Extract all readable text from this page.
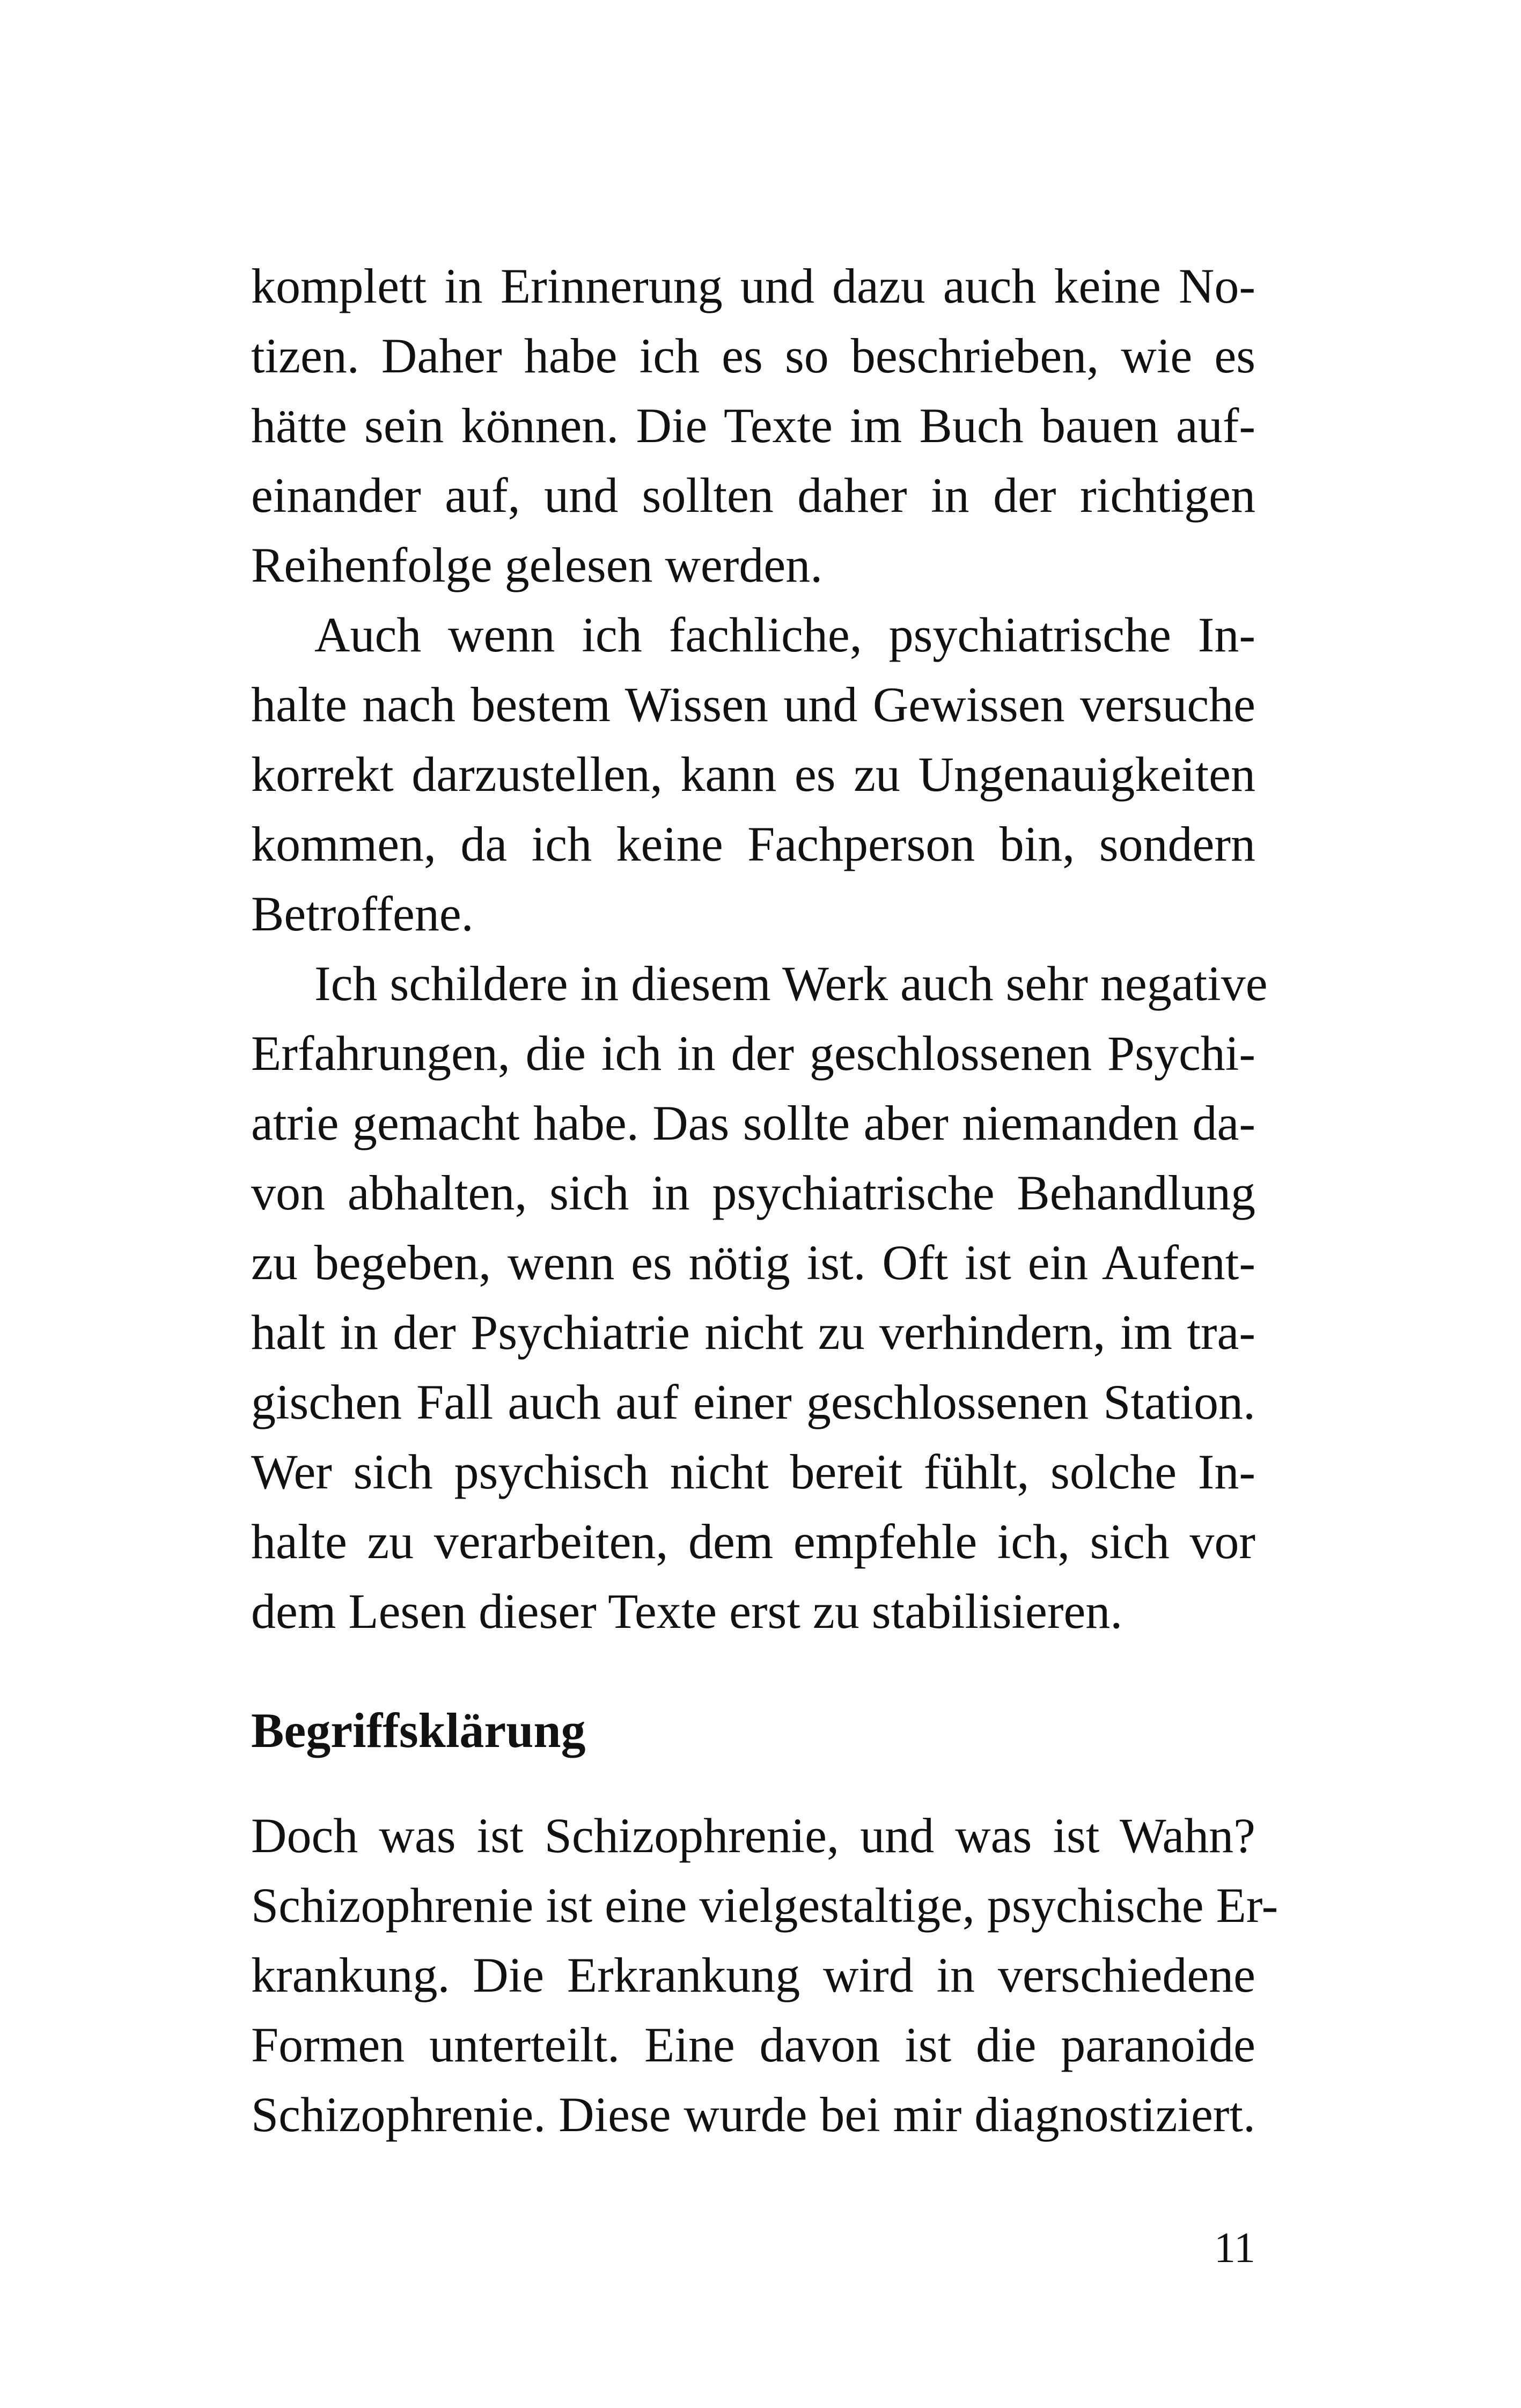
komplett in Erinnerung und dazu auch keine No-
tizen. Daher habe ich es so beschrieben, wie es
hätte sein können. Die Texte im Buch bauen auf-
einander auf, und sollten daher in der richtigen
Reihenfolge gelesen werden.

Auch wenn ich fachliche, psychiatrische In-
halte nach bestem Wissen und Gewissen versuche
korrekt darzustellen, kann es zu Ungenauigkeiten
kommen, da ich keine Fachperson bin, sondern
Betroffene.

Ich schildere in diesem Werk auch sehr negative
Erfahrungen, die ich in der geschlossenen Psychi-
atrie gemacht habe. Das sollte aber niemanden da-
von abhalten, sich in psychiatrische Behandlung
zu begeben, wenn es nötig ist. Oft ist ein Aufent-
halt in der Psychiatrie nicht zu verhindern, im tra-
gischen Fall auch auf einer geschlossenen Station.
Wer sich psychisch nicht bereit fühlt, solche In-
halte zu verarbeiten, dem empfehle ich, sich vor
dem Lesen dieser Texte erst zu stabilisieren.

Begriffsklärung

Doch was ist Schizophrenie, und was ist Wahn?
Schizophrenie ist eine vielgestaltige, psychische Er-
krankung. Die Erkrankung wird in verschiedene
Formen unterteilt. Eine davon ist die paranoide
Schizophrenie. Diese wurde bei mir diagnostiziert.

11
